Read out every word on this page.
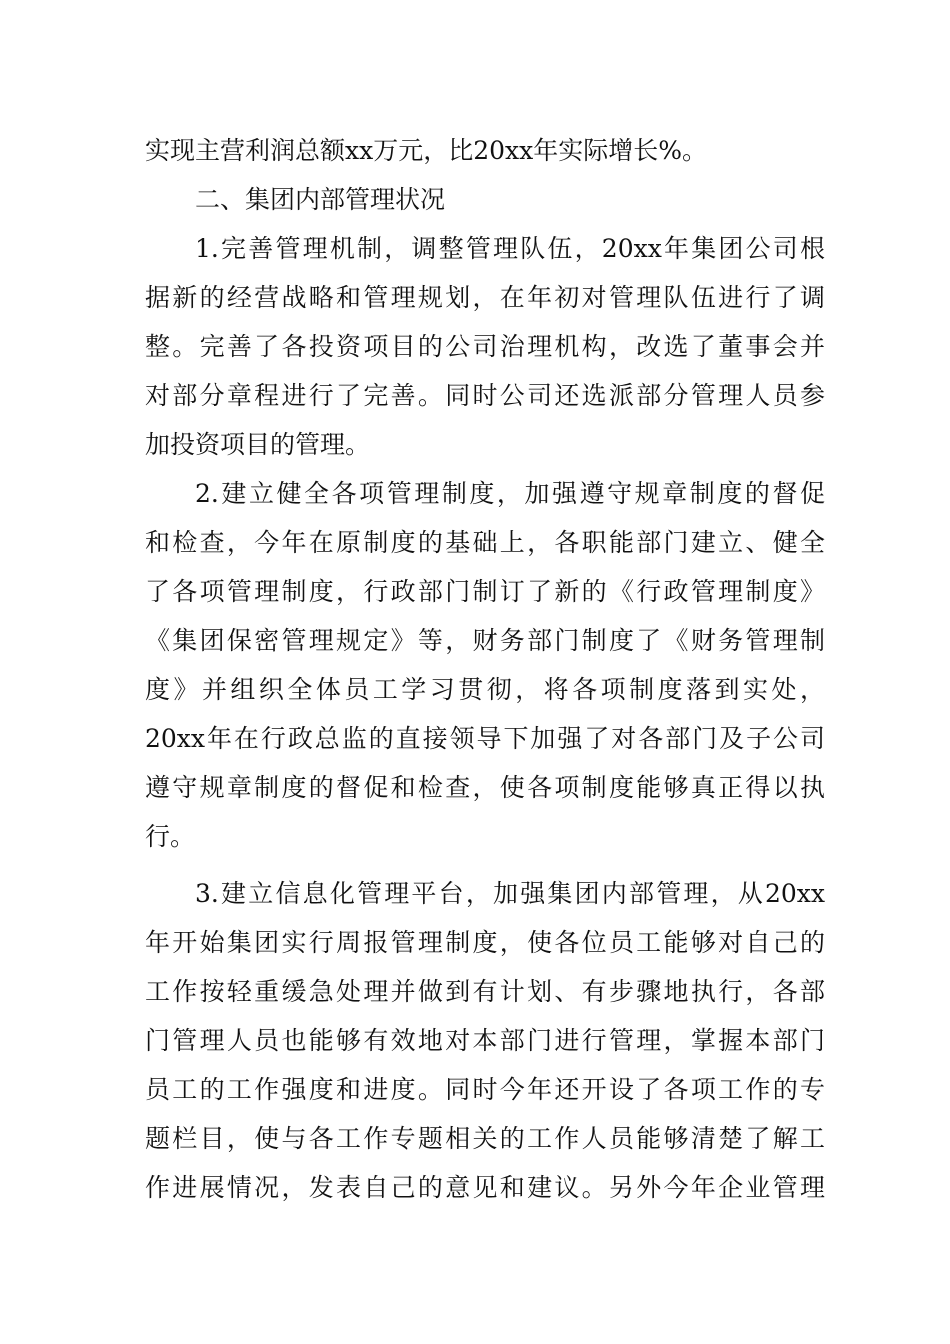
实现主营利润总额xx万元，比20xx年实际增长%。
二、集团内部管理状况
1.完善管理机制，调整管理队伍，20xx年集团公司根
据新的经营战略和管理规划，在年初对管理队伍进行了调
整。完善了各投资项目的公司治理机构，改选了董事会并
对部分章程进行了完善。同时公司还选派部分管理人员参
加投资项目的管理。
2.建立健全各项管理制度，加强遵守规章制度的督促
和检查，今年在原制度的基础上，各职能部门建立、健全
了各项管理制度，行政部门制订了新的《行政管理制度》
《集团保密管理规定》等，财务部门制度了《财务管理制
度》并组织全体员工学习贯彻，将各项制度落到实处，
20xx年在行政总监的直接领导下加强了对各部门及子公司
遵守规章制度的督促和检查，使各项制度能够真正得以执
行。
3.建立信息化管理平台，加强集团内部管理，从20xx
年开始集团实行周报管理制度，使各位员工能够对自己的
工作按轻重缓急处理并做到有计划、有步骤地执行，各部
门管理人员也能够有效地对本部门进行管理，掌握本部门
员工的工作强度和进度。同时今年还开设了各项工作的专
题栏目，使与各工作专题相关的工作人员能够清楚了解工
作进展情况，发表自己的意见和建议。另外今年企业管理
